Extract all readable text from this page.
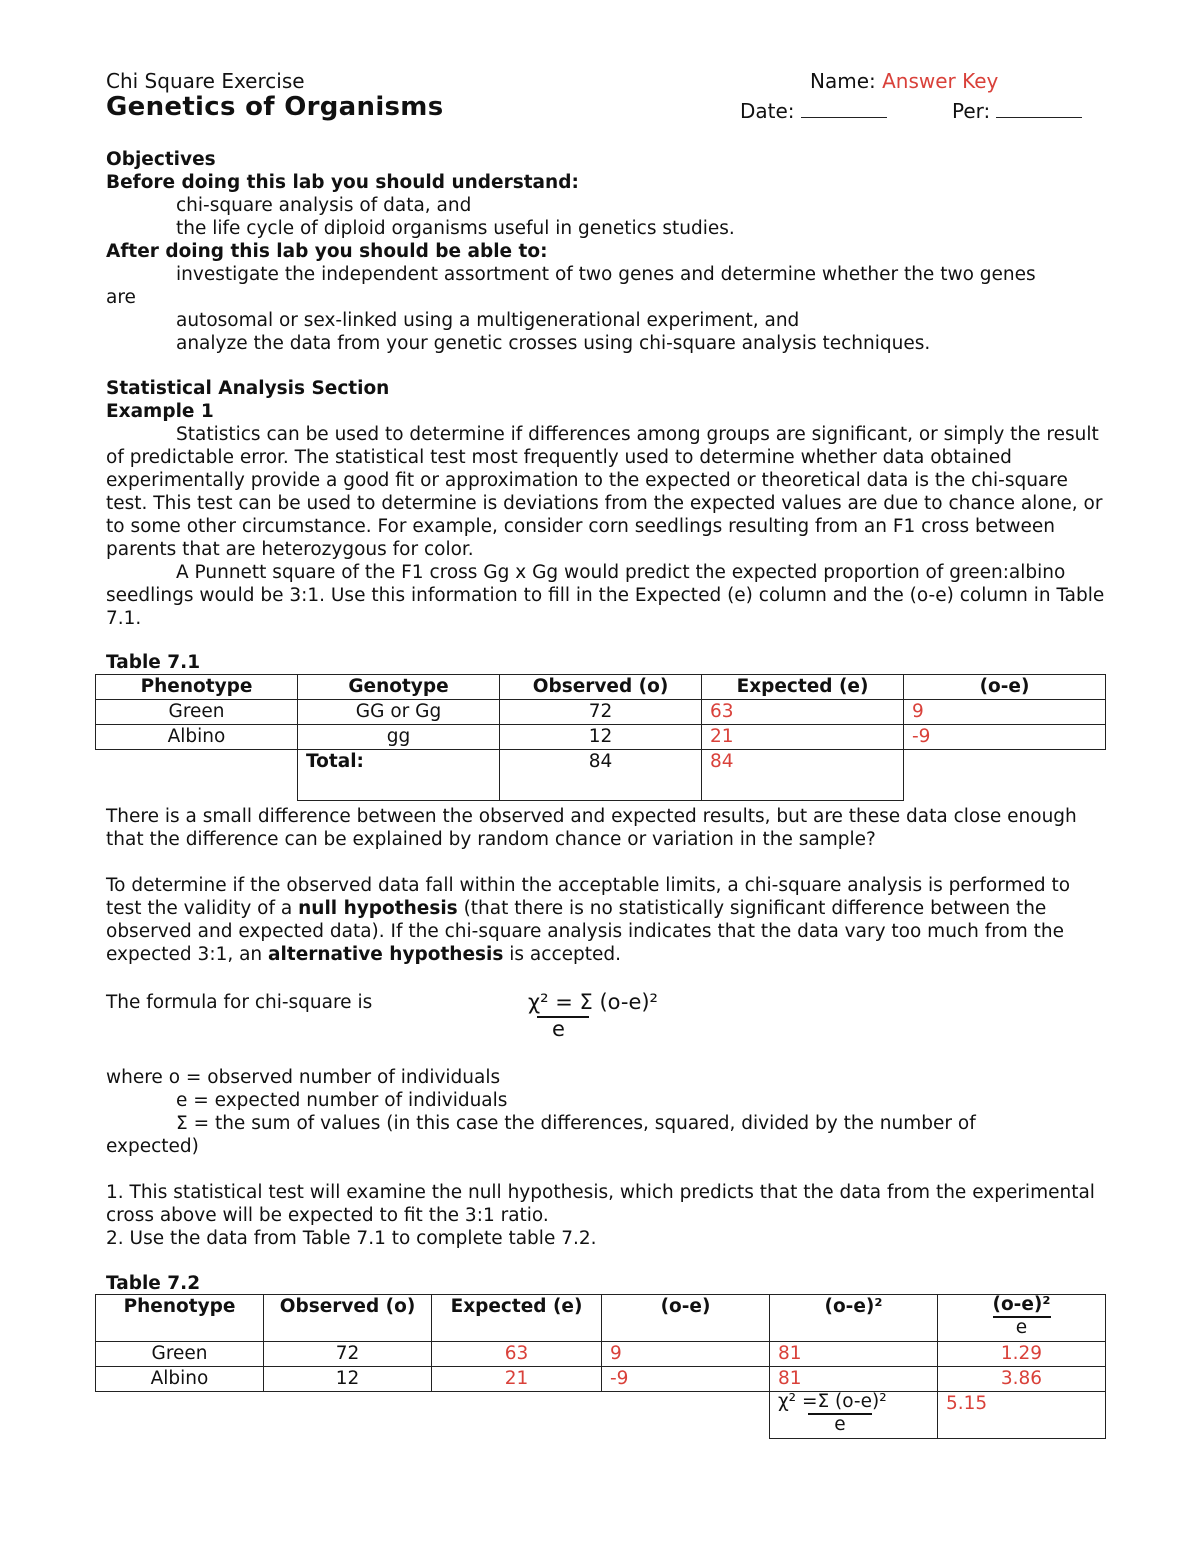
Chi Square Exercise
Genetics of Organisms
Name: Answer Key
Date:	Per:
Objectives
Before doing this lab you should understand:
chi-square analysis of data, and
the life cycle of diploid organisms useful in genetics studies.
After doing this lab you should be able to:
investigate the independent assortment of two genes and determine whether the two genes
are
autosomal or sex-linked using a multigenerational experiment, and
analyze the data from your genetic crosses using chi-square analysis techniques.
Statistical Analysis Section
Example 1
Statistics can be used to determine if differences among groups are significant, or simply the result of predictable error. The statistical test most frequently used to determine whether data obtained experimentally provide a good fit or approximation to the expected or theoretical data is the chi-square test. This test can be used to determine is deviations from the expected values are due to chance alone, or to some other circumstance. For example, consider corn seedlings resulting from an F1 cross between parents that are heterozygous for color.
A Punnett square of the F1 cross Gg x Gg would predict the expected proportion of green:albino seedlings would be 3:1. Use this information to fill in the Expected (e) column and the (o-e) column in Table 7.1.
Table 7.1
Phenotype	Genotype	Observed (o)	Expected (e)	(o-e)
Green	GG or Gg	72	63	9
Albino	gg	12	21	-9
	Total:	84	84	
There is a small difference between the observed and expected results, but are these data close enough that the difference can be explained by random chance or variation in the sample?
To determine if the observed data fall within the acceptable limits, a chi-square analysis is performed to test the validity of a null hypothesis (that there is no statistically significant difference between the observed and expected data). If the chi-square analysis indicates that the data vary too much from the expected 3:1, an alternative hypothesis is accepted.
The formula for chi-square is	χ² = Σ (o-e)²
e
where o = observed number of individuals
e = expected number of individuals
Σ = the sum of values (in this case the differences, squared, divided by the number of
expected)
1. This statistical test will examine the null hypothesis, which predicts that the data from the experimental cross above will be expected to fit the 3:1 ratio.
2. Use the data from Table 7.1 to complete table 7.2.
Table 7.2
Phenotype	Observed (o)	Expected (e)	(o-e)	(o-e)²	$\frac{\text{(o-e)²}}{e}$

Green	72	63	9	81	1.29
Albino	12	21	-9	81	3.86
				$\frac{\text{χ² =Σ (o-e)²}}{e}$	5.15
